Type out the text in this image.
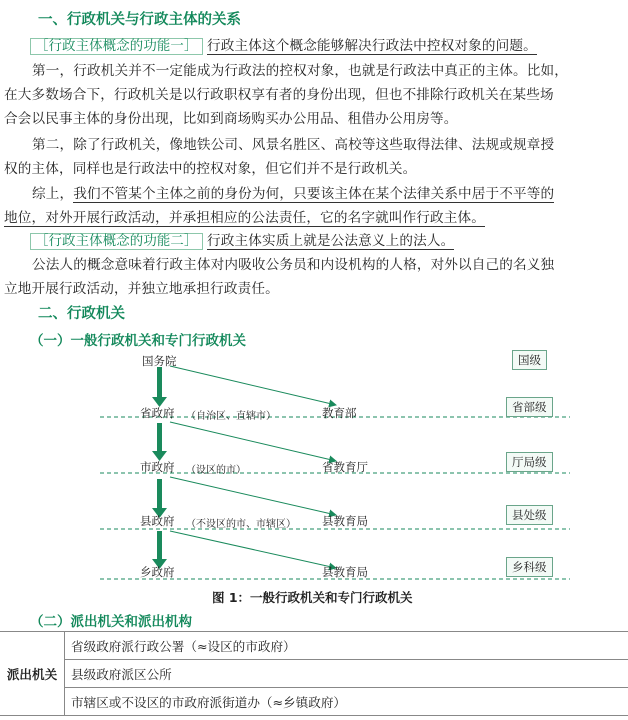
一、行政机关与行政主体的关系
［行政主体概念的功能一］ 行政主体这个概念能够解决行政法中控权对象的问题。
第一，行政机关并不一定能成为行政法的控权对象，也就是行政法中真正的主体。比如，
在大多数场合下，行政机关是以行政职权享有者的身份出现，但也不排除行政机关在某些场
合会以民事主体的身份出现，比如到商场购买办公用品、租借办公用房等。
第二，除了行政机关，像地铁公司、风景名胜区、高校等这些取得法律、法规或规章授
权的主体，同样也是行政法中的控权对象，但它们并不是行政机关。
综上，我们不管某个主体之前的身份为何，只要该主体在某个法律关系中居于不平等的
地位，对外开展行政活动，并承担相应的公法责任，它的名字就叫作行政主体。
［行政主体概念的功能二］ 行政主体实质上就是公法意义上的法人。
公法人的概念意味着行政主体对内吸收公务员和内设机构的人格，对外以自己的名义独
立地开展行政活动，并独立地承担行政责任。
二、行政机关
（一）一般行政机关和专门行政机关
国务院
省政府 （自治区、直辖市）	教育部
市政府 （设区的市）	省教育厅
县政府 （不设区的市、市辖区） 县教育局
乡政府	县教育局
国级
省部级
厅局级
县处级
乡科级
图 1：一般行政机关和专门行政机关
（二）派出机关和派出机构
派出机关	省级政府派行政公署（≈设区的市政府）
县级政府派区公所
市辖区或不设区的市政府派街道办（≈乡镇政府）
